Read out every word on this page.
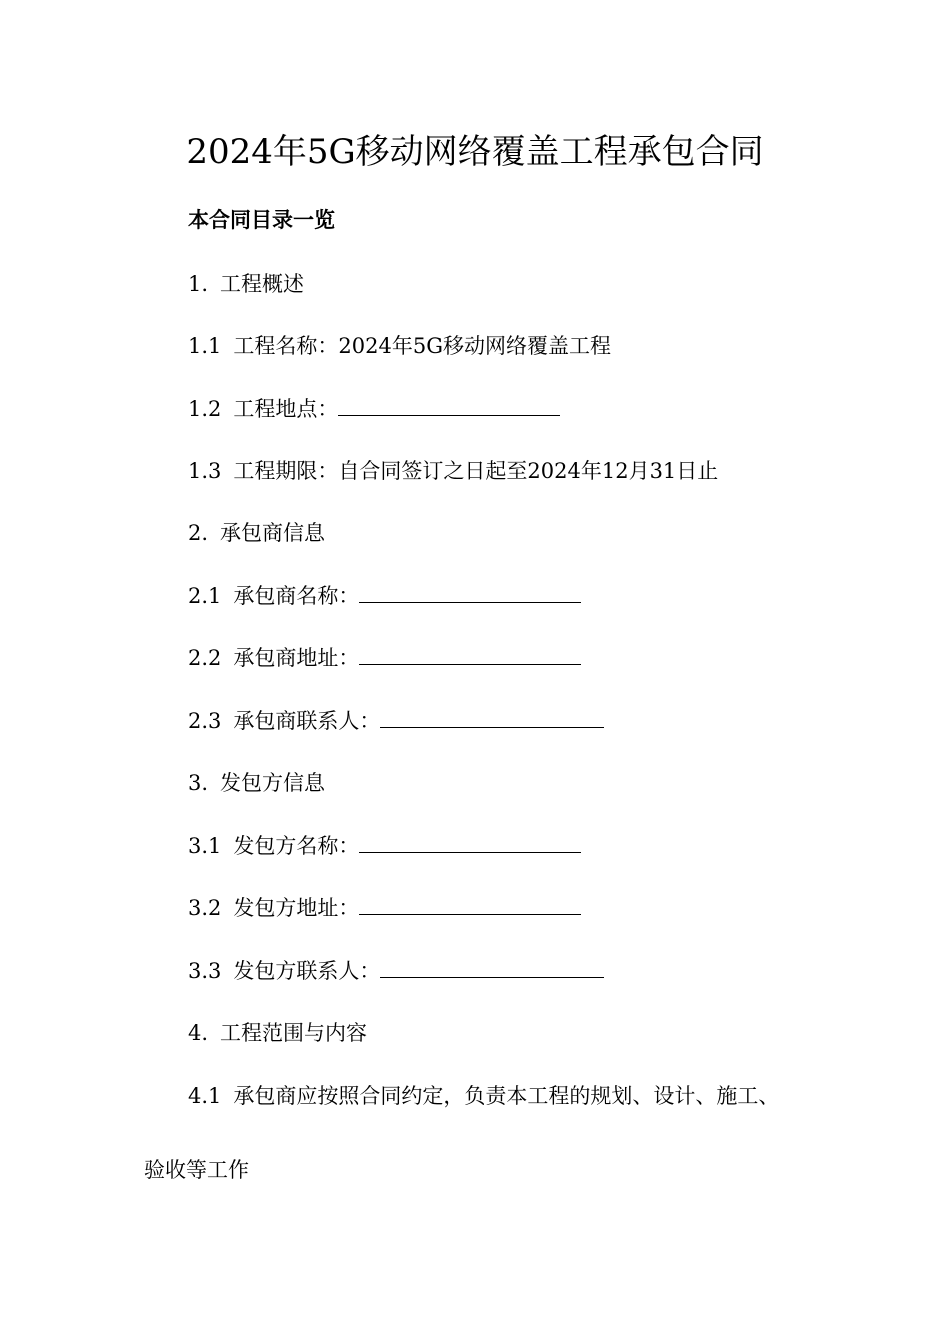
2024年5G移动网络覆盖工程承包合同

本合同目录一览

1. 工程概述

1.1 工程名称：2024年5G移动网络覆盖工程

1.2 工程地点：

1.3 工程期限：自合同签订之日起至2024年12月31日止

2. 承包商信息

2.1 承包商名称：

2.2 承包商地址：

2.3 承包商联系人：

3. 发包方信息

3.1 发包方名称：

3.2 发包方地址：

3.3 发包方联系人：

4. 工程范围与内容

4.1 承包商应按照合同约定，负责本工程的规划、设计、施工、

验收等工作
